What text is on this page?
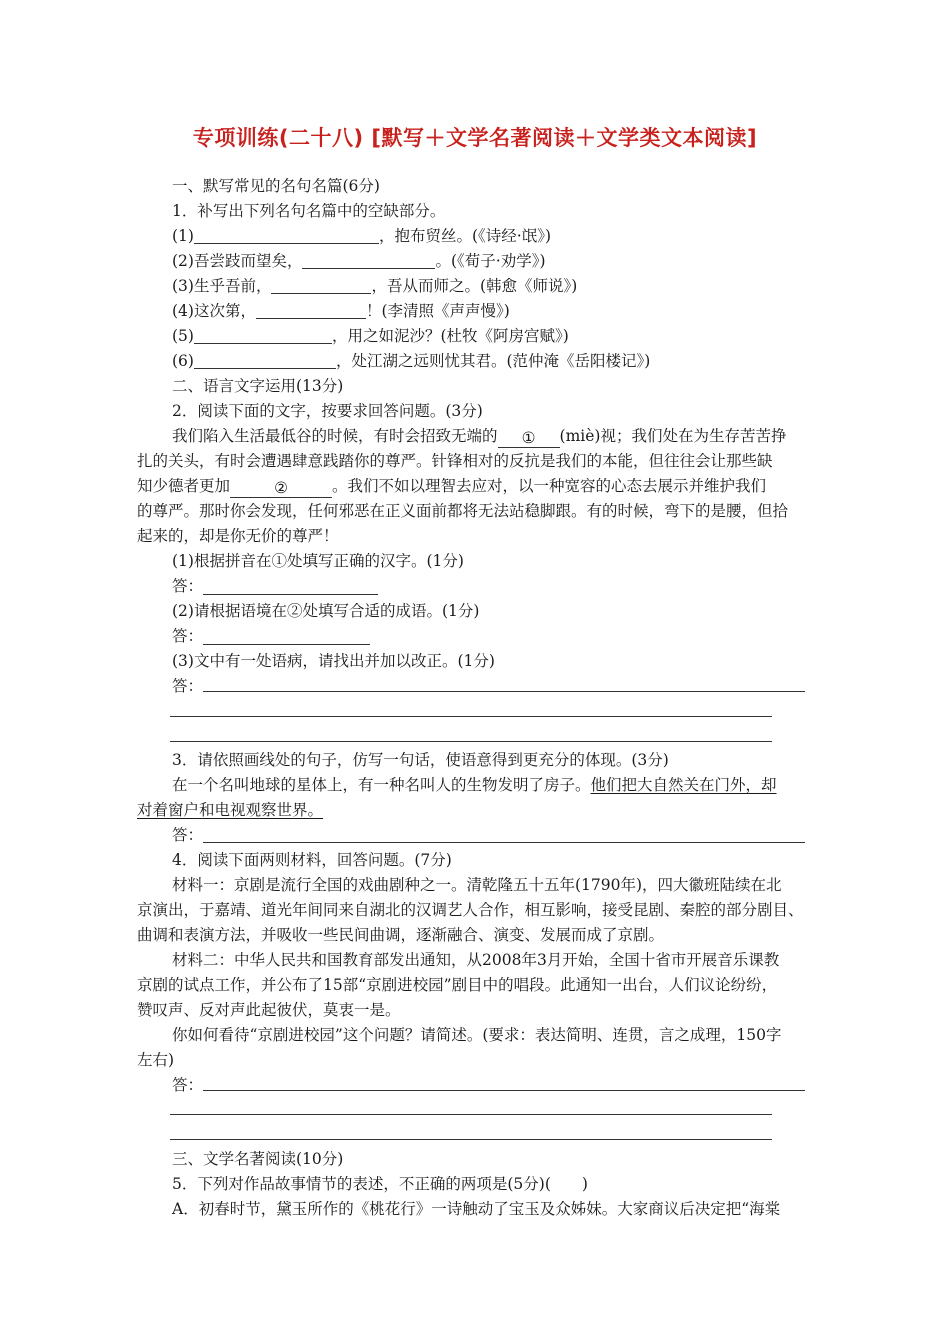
专项训练(二十八) [默写＋文学名著阅读＋文学类文本阅读]
一、默写常见的名句名篇(6分)
1．补写出下列名句名篇中的空缺部分。
(1)	，抱布贸丝。(《诗经·氓》)
(2)吾尝跂而望矣，	。(《荀子·劝学》)
(3)生乎吾前，	，吾从而师之。(韩愈《师说》)
(4)这次第，	！(李清照《声声慢》)
(5)	，用之如泥沙？(杜牧《阿房宫赋》)
(6)	，处江湖之远则忧其君。(范仲淹《岳阳楼记》)
二、语言文字运用(13分)
2．阅读下面的文字，按要求回答问题。(3分)
我们陷入生活最低谷的时候，有时会招致无端的 ① (miè)视；我们处在为生存苦苦挣
扎的关头，有时会遭遇肆意践踏你的尊严。针锋相对的反抗是我们的本能，但往往会让那些缺
知少德者更加	②	。我们不如以理智去应对，以一种宽容的心态去展示并维护我们
的尊严。那时你会发现，任何邪恶在正义面前都将无法站稳脚跟。有的时候，弯下的是腰，但拾
起来的，却是你无价的尊严！
(1)根据拼音在①处填写正确的汉字。(1分)
答：
(2)请根据语境在②处填写合适的成语。(1分)
答：
(3)文中有一处语病，请找出并加以改正。(1分)
答：
3．请依照画线处的句子，仿写一句话，使语意得到更充分的体现。(3分)
在一个名叫地球的星体上，有一种名叫人的生物发明了房子。他们把大自然关在门外，却
对着窗户和电视观察世界。
答：
4．阅读下面两则材料，回答问题。(7分)
材料一：京剧是流行全国的戏曲剧种之一。清乾隆五十五年(1790年)，四大徽班陆续在北
京演出，于嘉靖、道光年间同来自湖北的汉调艺人合作，相互影响，接受昆剧、秦腔的部分剧目、
曲调和表演方法，并吸收一些民间曲调，逐渐融合、演变、发展而成了京剧。
材料二：中华人民共和国教育部发出通知，从2008年3月开始，全国十省市开展音乐课教
京剧的试点工作，并公布了15部“京剧进校园”剧目中的唱段。此通知一出台，人们议论纷纷，
赞叹声、反对声此起彼伏，莫衷一是。
你如何看待“京剧进校园”这个问题？请简述。(要求：表达简明、连贯，言之成理，150字
左右)
答：
三、文学名著阅读(10分)
5．下列对作品故事情节的表述，不正确的两项是(5分)(　　)
A．初春时节，黛玉所作的《桃花行》一诗触动了宝玉及众姊妹。大家商议后决定把“海棠
